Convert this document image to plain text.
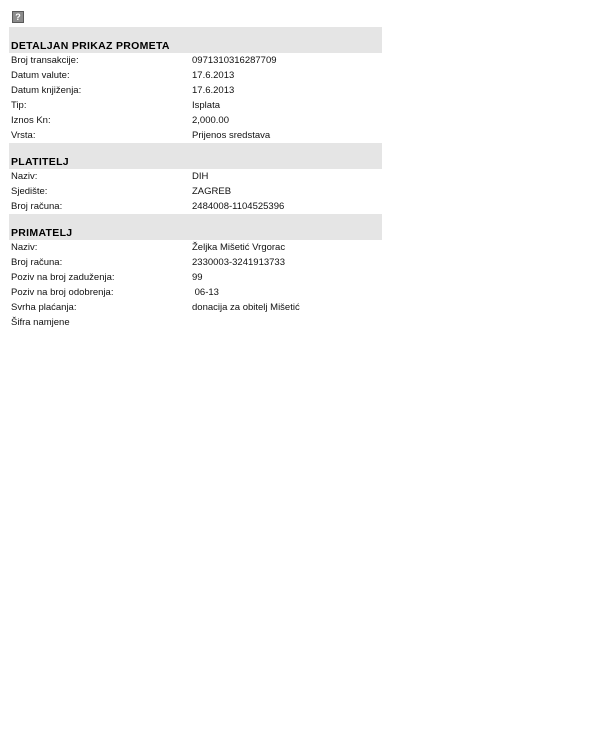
?
DETALJAN PRIKAZ PROMETA
Broj transakcije:	0971310316287709
Datum valute:	17.6.2013
Datum knjiženja:	17.6.2013
Tip:	Isplata
Iznos Kn:	2,000.00
Vrsta:	Prijenos sredstava
PLATITELJ
Naziv:	DIH
Sjedište:	ZAGREB
Broj računa:	2484008-1104525396
PRIMATELJ
Naziv:	Željka Mišetić Vrgorac
Broj računa:	2330003-3241913733
Poziv na broj zaduženja:	99
Poziv na broj odobrenja:	06-13
Svrha plaćanja:	donacija za obitelj Mišetić
Šifra namjene
